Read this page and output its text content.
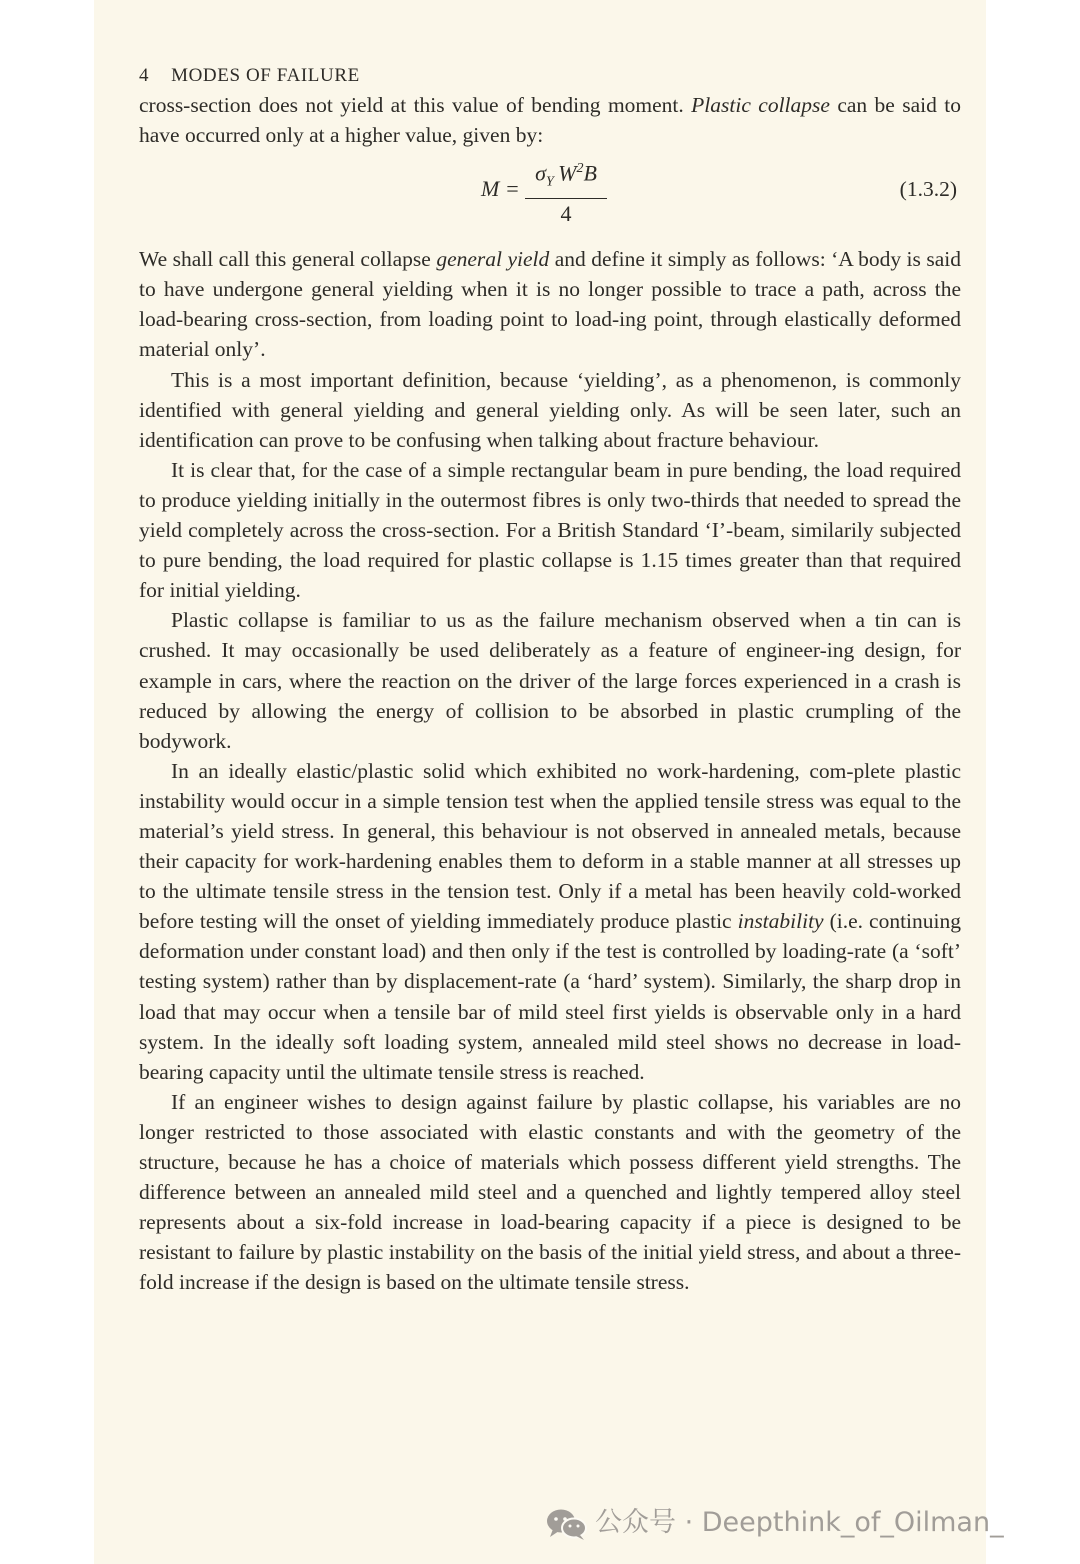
4 MODES OF FAILURE

cross-section does not yield at this value of bending moment. Plastic collapse can be said to have occurred only at a higher value, given by:

$M = \frac{\sigma_Y W^2B}{4}$	(1.3.2)

We shall call this general collapse general yield and define it simply as follows: ‘A body is said to have undergone general yielding when it is no longer possible to trace a path, across the load-bearing cross-section, from loading point to load-ing point, through elastically deformed material only’.

This is a most important definition, because ‘yielding’, as a phenomenon, is commonly identified with general yielding and general yielding only. As will be seen later, such an identification can prove to be confusing when talking about fracture behaviour.

It is clear that, for the case of a simple rectangular beam in pure bending, the load required to produce yielding initially in the outermost fibres is only two-thirds that needed to spread the yield completely across the cross-section. For a British Standard ‘I’-beam, similarily subjected to pure bending, the load required for plastic collapse is 1.15 times greater than that required for initial yielding.

Plastic collapse is familiar to us as the failure mechanism observed when a tin can is crushed. It may occasionally be used deliberately as a feature of engineer-ing design, for example in cars, where the reaction on the driver of the large forces experienced in a crash is reduced by allowing the energy of collision to be absorbed in plastic crumpling of the bodywork.

In an ideally elastic/plastic solid which exhibited no work-hardening, com-plete plastic instability would occur in a simple tension test when the applied tensile stress was equal to the material’s yield stress. In general, this behaviour is not observed in annealed metals, because their capacity for work-hardening enables them to deform in a stable manner at all stresses up to the ultimate tensile stress in the tension test. Only if a metal has been heavily cold-worked before testing will the onset of yielding immediately produce plastic instability (i.e. continuing deformation under constant load) and then only if the test is controlled by loading-rate (a ‘soft’ testing system) rather than by displacement-rate (a ‘hard’ system). Similarly, the sharp drop in load that may occur when a tensile bar of mild steel first yields is observable only in a hard system. In the ideally soft loading system, annealed mild steel shows no decrease in load-bearing capacity until the ultimate tensile stress is reached.

If an engineer wishes to design against failure by plastic collapse, his variables are no longer restricted to those associated with elastic constants and with the geometry of the structure, because he has a choice of materials which possess different yield strengths. The difference between an annealed mild steel and a quenched and lightly tempered alloy steel represents about a six-fold increase in load-bearing capacity if a piece is designed to be resistant to failure by plastic instability on the basis of the initial yield stress, and about a three-fold increase if the design is based on the ultimate tensile stress.

公众号 · Deepthink_of_Oilman_
